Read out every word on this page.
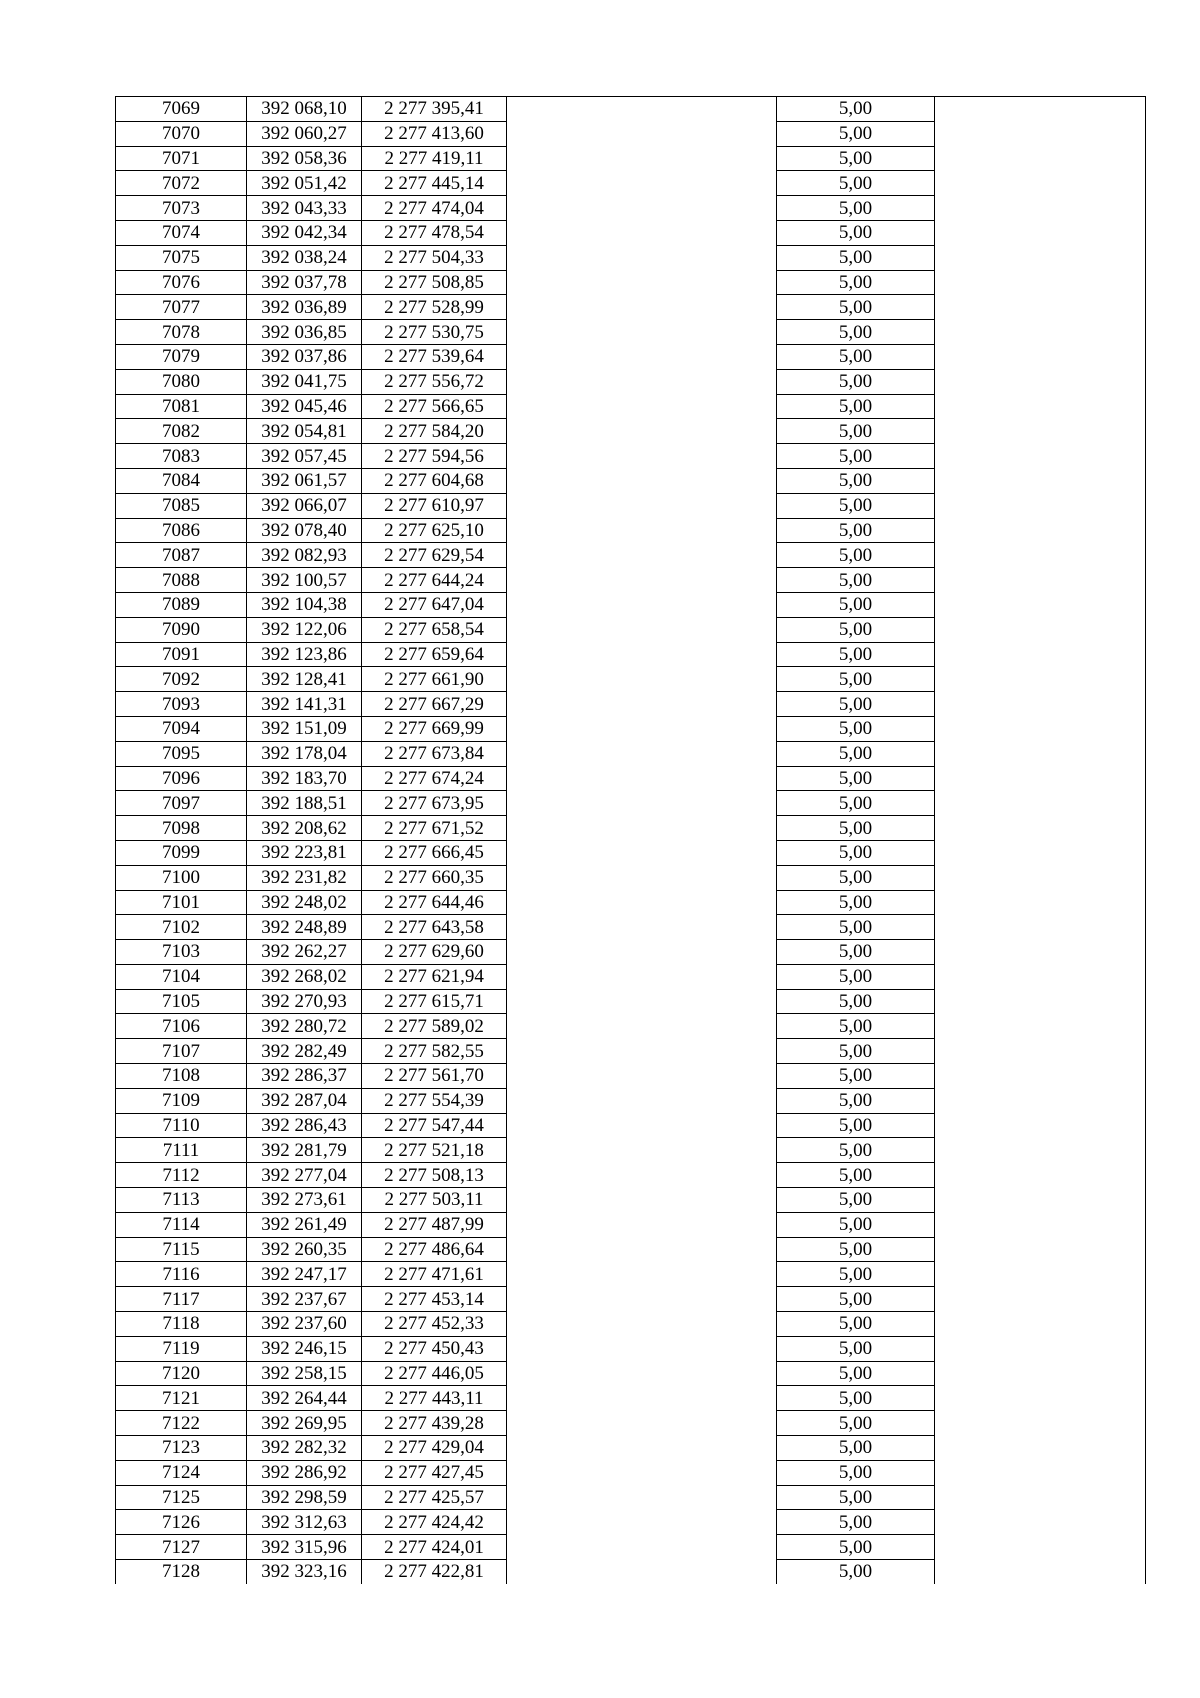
7069	392 068,10	2 277 395,41		5,00	
7070	392 060,27	2 277 413,60		5,00	
7071	392 058,36	2 277 419,11		5,00	
7072	392 051,42	2 277 445,14		5,00	
7073	392 043,33	2 277 474,04		5,00	
7074	392 042,34	2 277 478,54		5,00	
7075	392 038,24	2 277 504,33		5,00	
7076	392 037,78	2 277 508,85		5,00	
7077	392 036,89	2 277 528,99		5,00	
7078	392 036,85	2 277 530,75		5,00	
7079	392 037,86	2 277 539,64		5,00	
7080	392 041,75	2 277 556,72		5,00	
7081	392 045,46	2 277 566,65		5,00	
7082	392 054,81	2 277 584,20		5,00	
7083	392 057,45	2 277 594,56		5,00	
7084	392 061,57	2 277 604,68		5,00	
7085	392 066,07	2 277 610,97		5,00	
7086	392 078,40	2 277 625,10		5,00	
7087	392 082,93	2 277 629,54		5,00	
7088	392 100,57	2 277 644,24		5,00	
7089	392 104,38	2 277 647,04		5,00	
7090	392 122,06	2 277 658,54		5,00	
7091	392 123,86	2 277 659,64		5,00	
7092	392 128,41	2 277 661,90		5,00	
7093	392 141,31	2 277 667,29		5,00	
7094	392 151,09	2 277 669,99		5,00	
7095	392 178,04	2 277 673,84		5,00	
7096	392 183,70	2 277 674,24		5,00	
7097	392 188,51	2 277 673,95		5,00	
7098	392 208,62	2 277 671,52		5,00	
7099	392 223,81	2 277 666,45		5,00	
7100	392 231,82	2 277 660,35		5,00	
7101	392 248,02	2 277 644,46		5,00	
7102	392 248,89	2 277 643,58		5,00	
7103	392 262,27	2 277 629,60		5,00	
7104	392 268,02	2 277 621,94		5,00	
7105	392 270,93	2 277 615,71		5,00	
7106	392 280,72	2 277 589,02		5,00	
7107	392 282,49	2 277 582,55		5,00	
7108	392 286,37	2 277 561,70		5,00	
7109	392 287,04	2 277 554,39		5,00	
7110	392 286,43	2 277 547,44		5,00	
7111	392 281,79	2 277 521,18		5,00	
7112	392 277,04	2 277 508,13		5,00	
7113	392 273,61	2 277 503,11		5,00	
7114	392 261,49	2 277 487,99		5,00	
7115	392 260,35	2 277 486,64		5,00	
7116	392 247,17	2 277 471,61		5,00	
7117	392 237,67	2 277 453,14		5,00	
7118	392 237,60	2 277 452,33		5,00	
7119	392 246,15	2 277 450,43		5,00	
7120	392 258,15	2 277 446,05		5,00	
7121	392 264,44	2 277 443,11		5,00	
7122	392 269,95	2 277 439,28		5,00	
7123	392 282,32	2 277 429,04		5,00	
7124	392 286,92	2 277 427,45		5,00	
7125	392 298,59	2 277 425,57		5,00	
7126	392 312,63	2 277 424,42		5,00	
7127	392 315,96	2 277 424,01		5,00	
7128	392 323,16	2 277 422,81		5,00	
